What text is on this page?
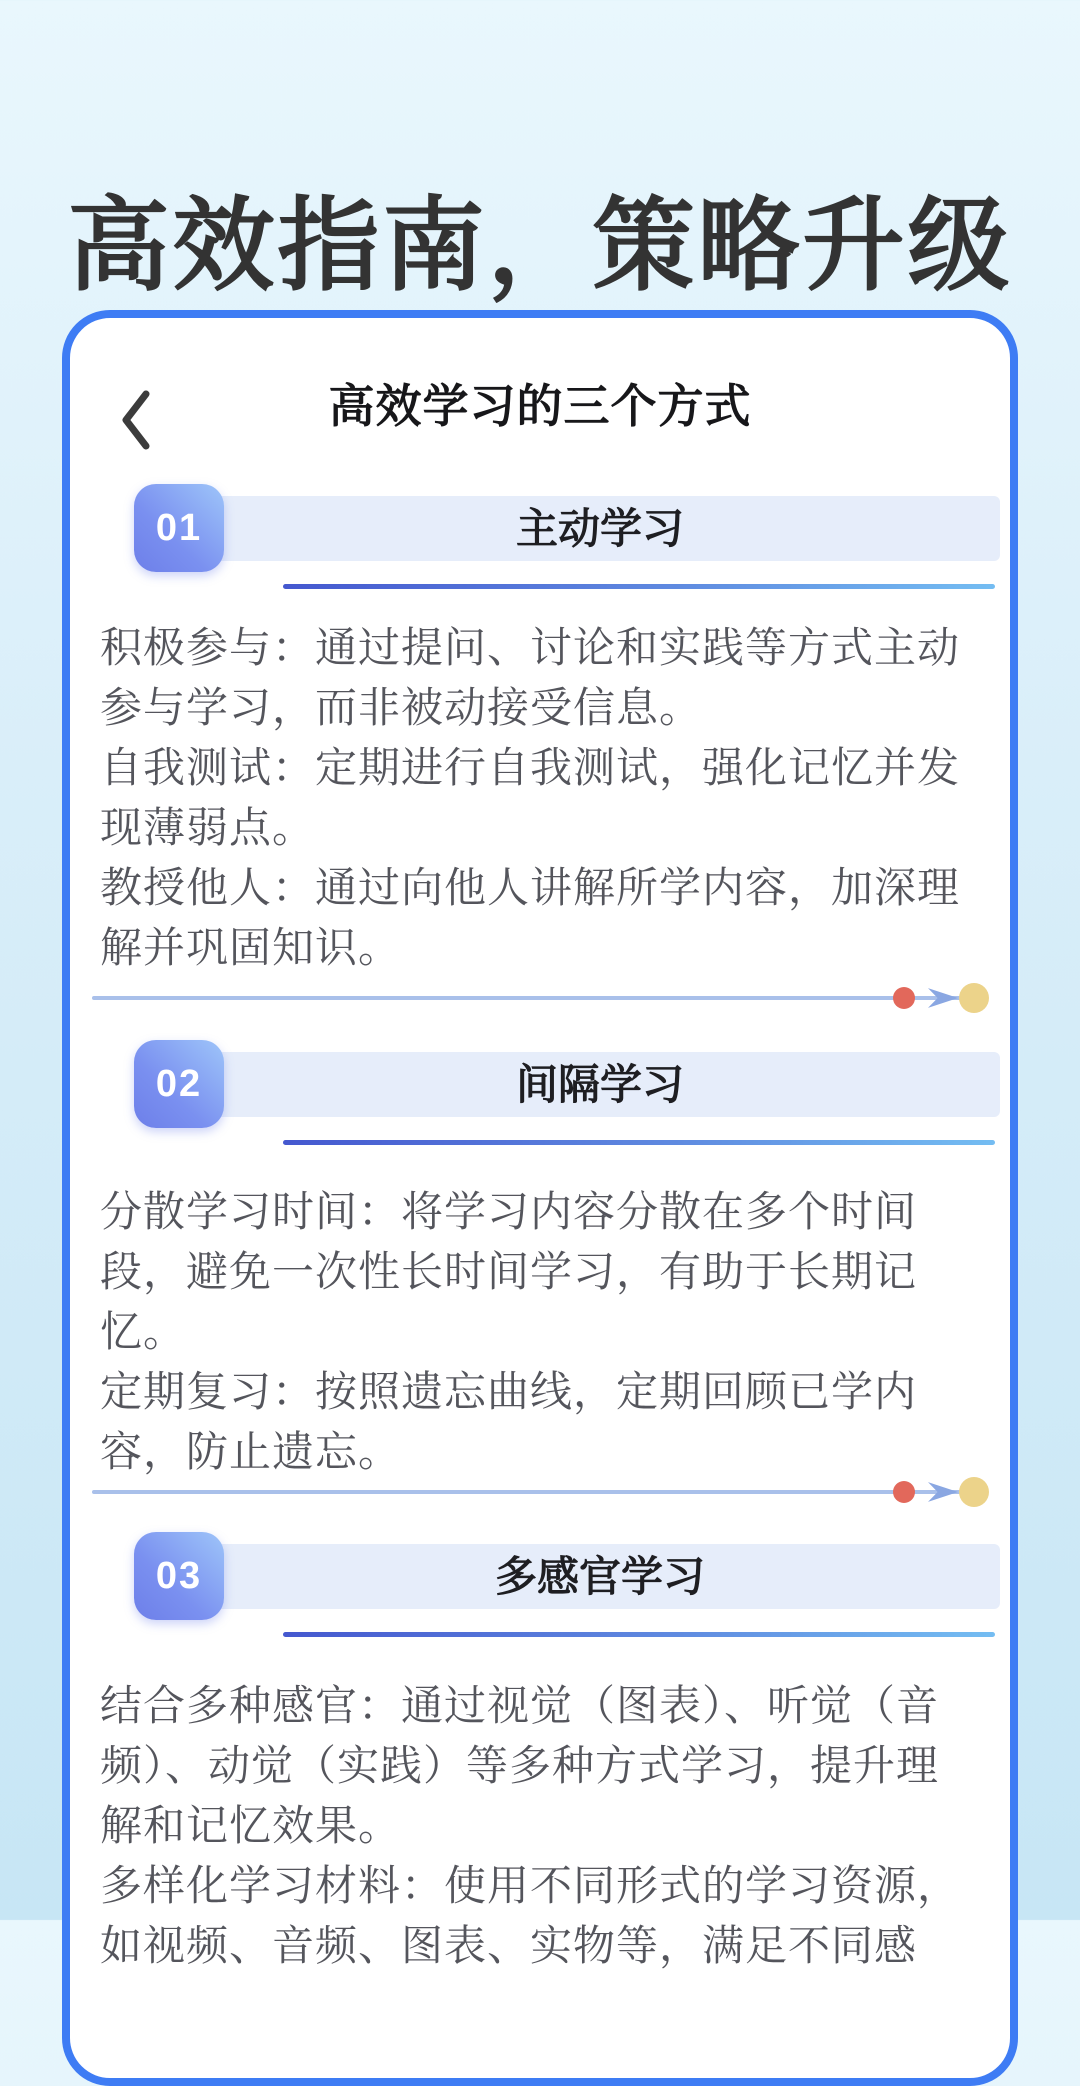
高效指南，策略升级
高效学习的三个方式
主动学习
01
积极参与：通过提问、讨论和实践等方式主动
参与学习，而非被动接受信息。
自我测试：定期进行自我测试，强化记忆并发
现薄弱点。
教授他人：通过向他人讲解所学内容，加深理
解并巩固知识。
间隔学习
02
分散学习时间：将学习内容分散在多个时间
段，避免一次性长时间学习，有助于长期记
忆。
定期复习：按照遗忘曲线，定期回顾已学内
容，防止遗忘。
多感官学习
03
结合多种感官：通过视觉（图表）、听觉（音
频）、动觉（实践）等多种方式学习，提升理
解和记忆效果。
多样化学习材料：使用不同形式的学习资源，
如视频、音频、图表、实物等，满足不同感
